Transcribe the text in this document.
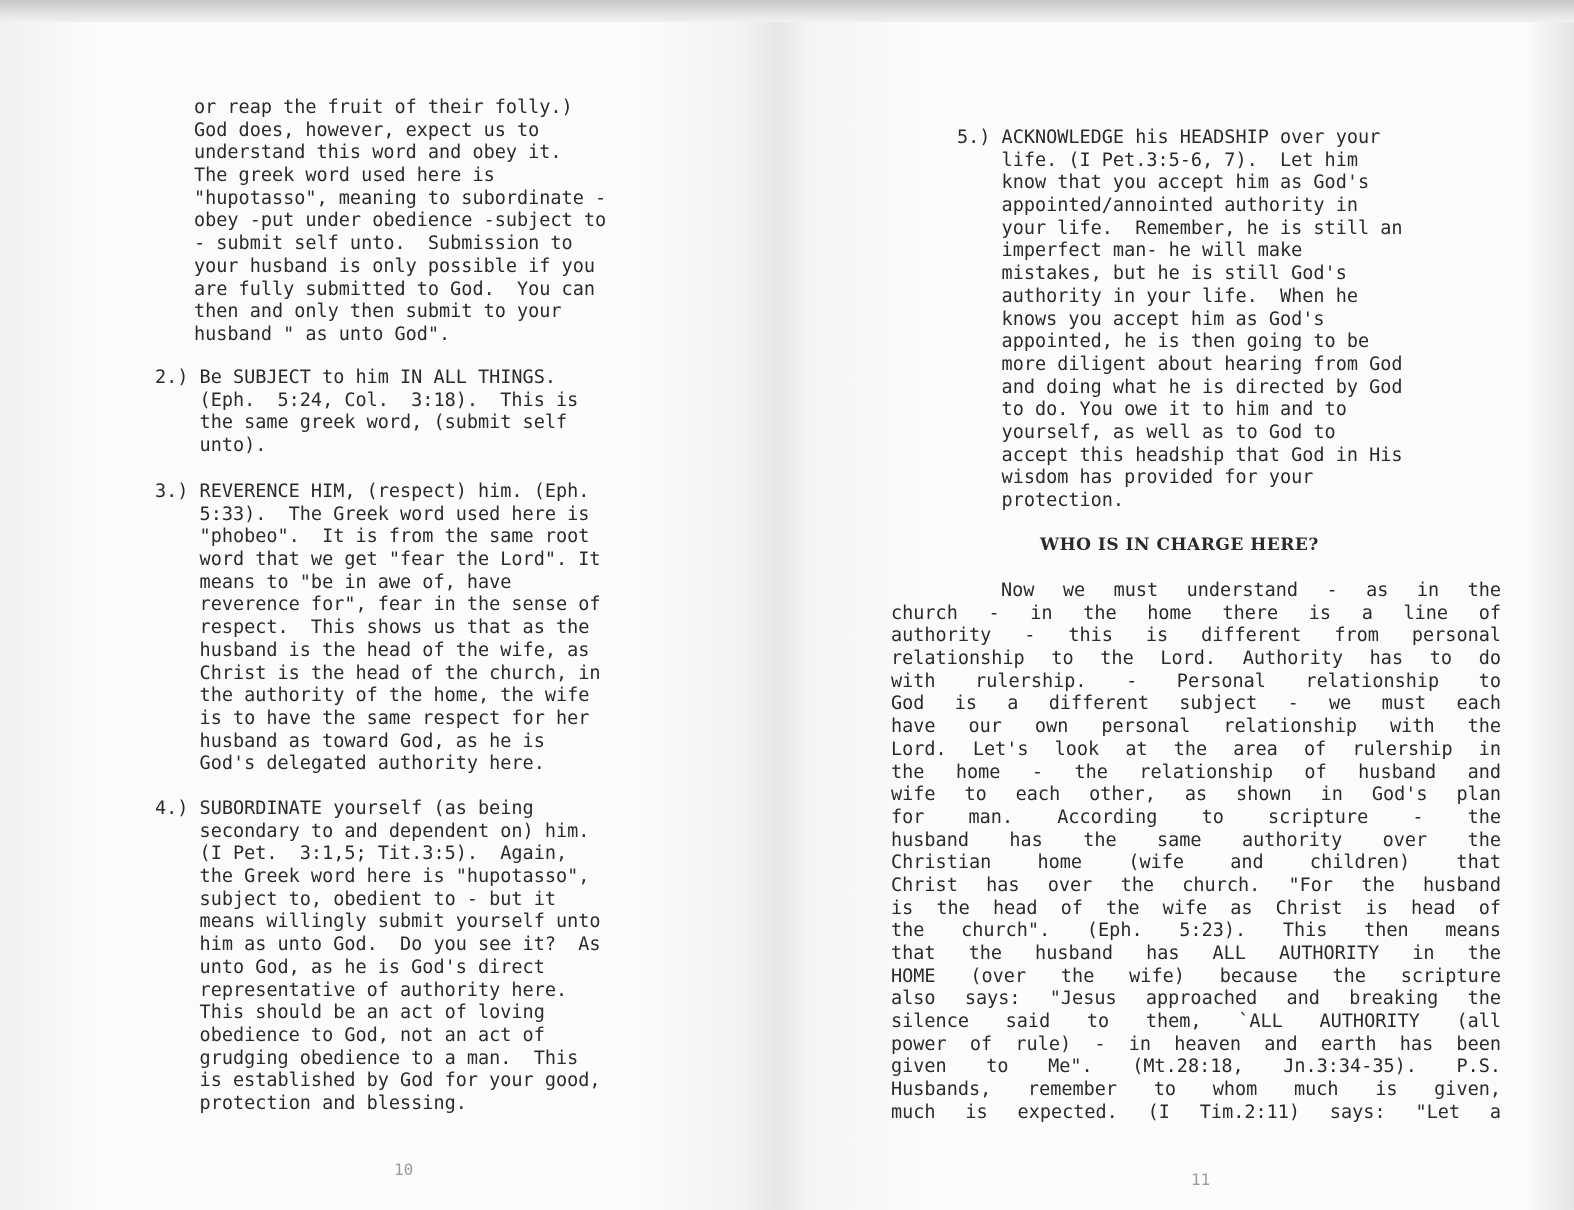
or reap the fruit of their folly.)
God does, however, expect us to
understand this word and obey it.
The greek word used here is
"hupotasso", meaning to subordinate -
obey -put under obedience -subject to
- submit self unto.  Submission to
your husband is only possible if you
are fully submitted to God.  You can
then and only then submit to your
husband " as unto God".
2.) Be SUBJECT to him IN ALL THINGS.
(Eph.  5:24, Col.  3:18).  This is
the same greek word, (submit self
unto).
3.) REVERENCE HIM, (respect) him. (Eph.
5:33).  The Greek word used here is
"phobeo".  It is from the same root
word that we get "fear the Lord". It
means to "be in awe of, have
reverence for", fear in the sense of
respect.  This shows us that as the
husband is the head of the wife, as
Christ is the head of the church, in
the authority of the home, the wife
is to have the same respect for her
husband as toward God, as he is
God's delegated authority here.
4.) SUBORDINATE yourself (as being
secondary to and dependent on) him.
(I Pet.  3:1,5; Tit.3:5).  Again,
the Greek word here is "hupotasso",
subject to, obedient to - but it
means willingly submit yourself unto
him as unto God.  Do you see it?  As
unto God, as he is God's direct
representative of authority here.
This should be an act of loving
obedience to God, not an act of
grudging obedience to a man.  This
is established by God for your good,
protection and blessing.
10
5.) ACKNOWLEDGE his HEADSHIP over your
life. (I Pet.3:5-6, 7).  Let him
know that you accept him as God's
appointed/annointed authority in
your life.  Remember, he is still an
imperfect man- he will make
mistakes, but he is still God's
authority in your life.  When he
knows you accept him as God's
appointed, he is then going to be
more diligent about hearing from God
and doing what he is directed by God
to do. You owe it to him and to
yourself, as well as to God to
accept this headship that God in His
wisdom has provided for your
protection.
WHO IS IN CHARGE HERE?
Now we must understand - as in the
church - in the home there is a line of
authority - this is different from personal
relationship to the Lord. Authority has to do
with rulership. - Personal relationship to
God is a different subject - we must each
have our own personal relationship with the
Lord. Let's look at the area of rulership in
the home - the relationship of husband and
wife to each other, as shown in God's plan
for man. According to scripture - the
husband has the same authority over the
Christian home (wife and children) that
Christ has over the church. "For the husband
is the head of the wife as Christ is head of
the church". (Eph. 5:23). This then means
that the husband has ALL AUTHORITY in the
HOME (over the wife) because the scripture
also says: "Jesus approached and breaking the
silence said to them, `ALL AUTHORITY (all
power of rule) - in heaven and earth has been
given to Me". (Mt.28:18, Jn.3:34-35). P.S.
Husbands, remember to whom much is given,
much is expected. (I Tim.2:11) says: "Let a
11
